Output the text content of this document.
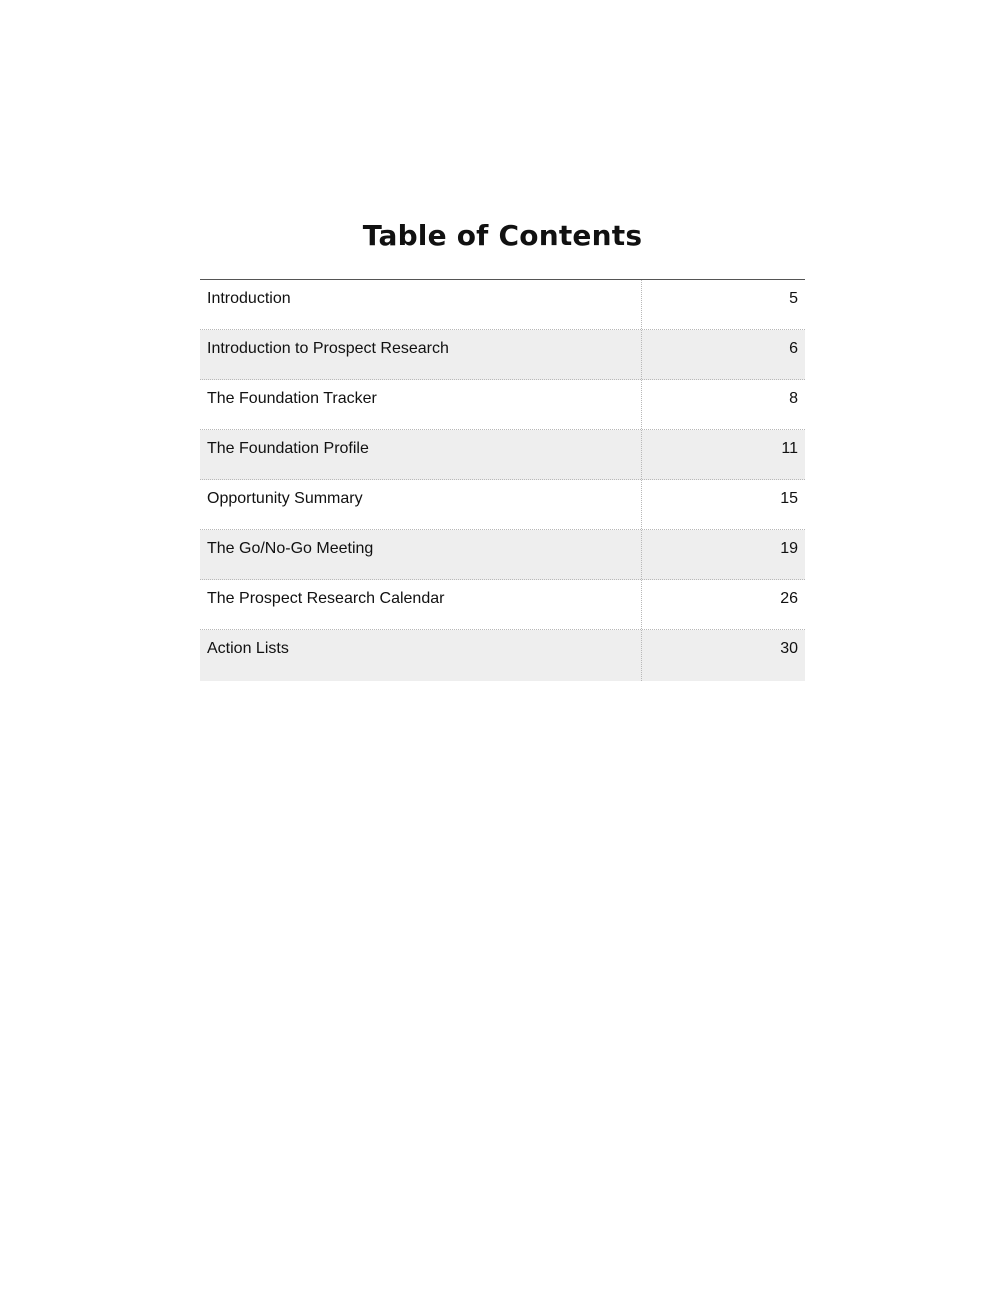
Table of Contents
Introduction	5
Introduction to Prospect Research	6
The Foundation Tracker	8
The Foundation Profile	11
Opportunity Summary	15
The Go/No-Go Meeting	19
The Prospect Research Calendar	26
Action Lists	30
